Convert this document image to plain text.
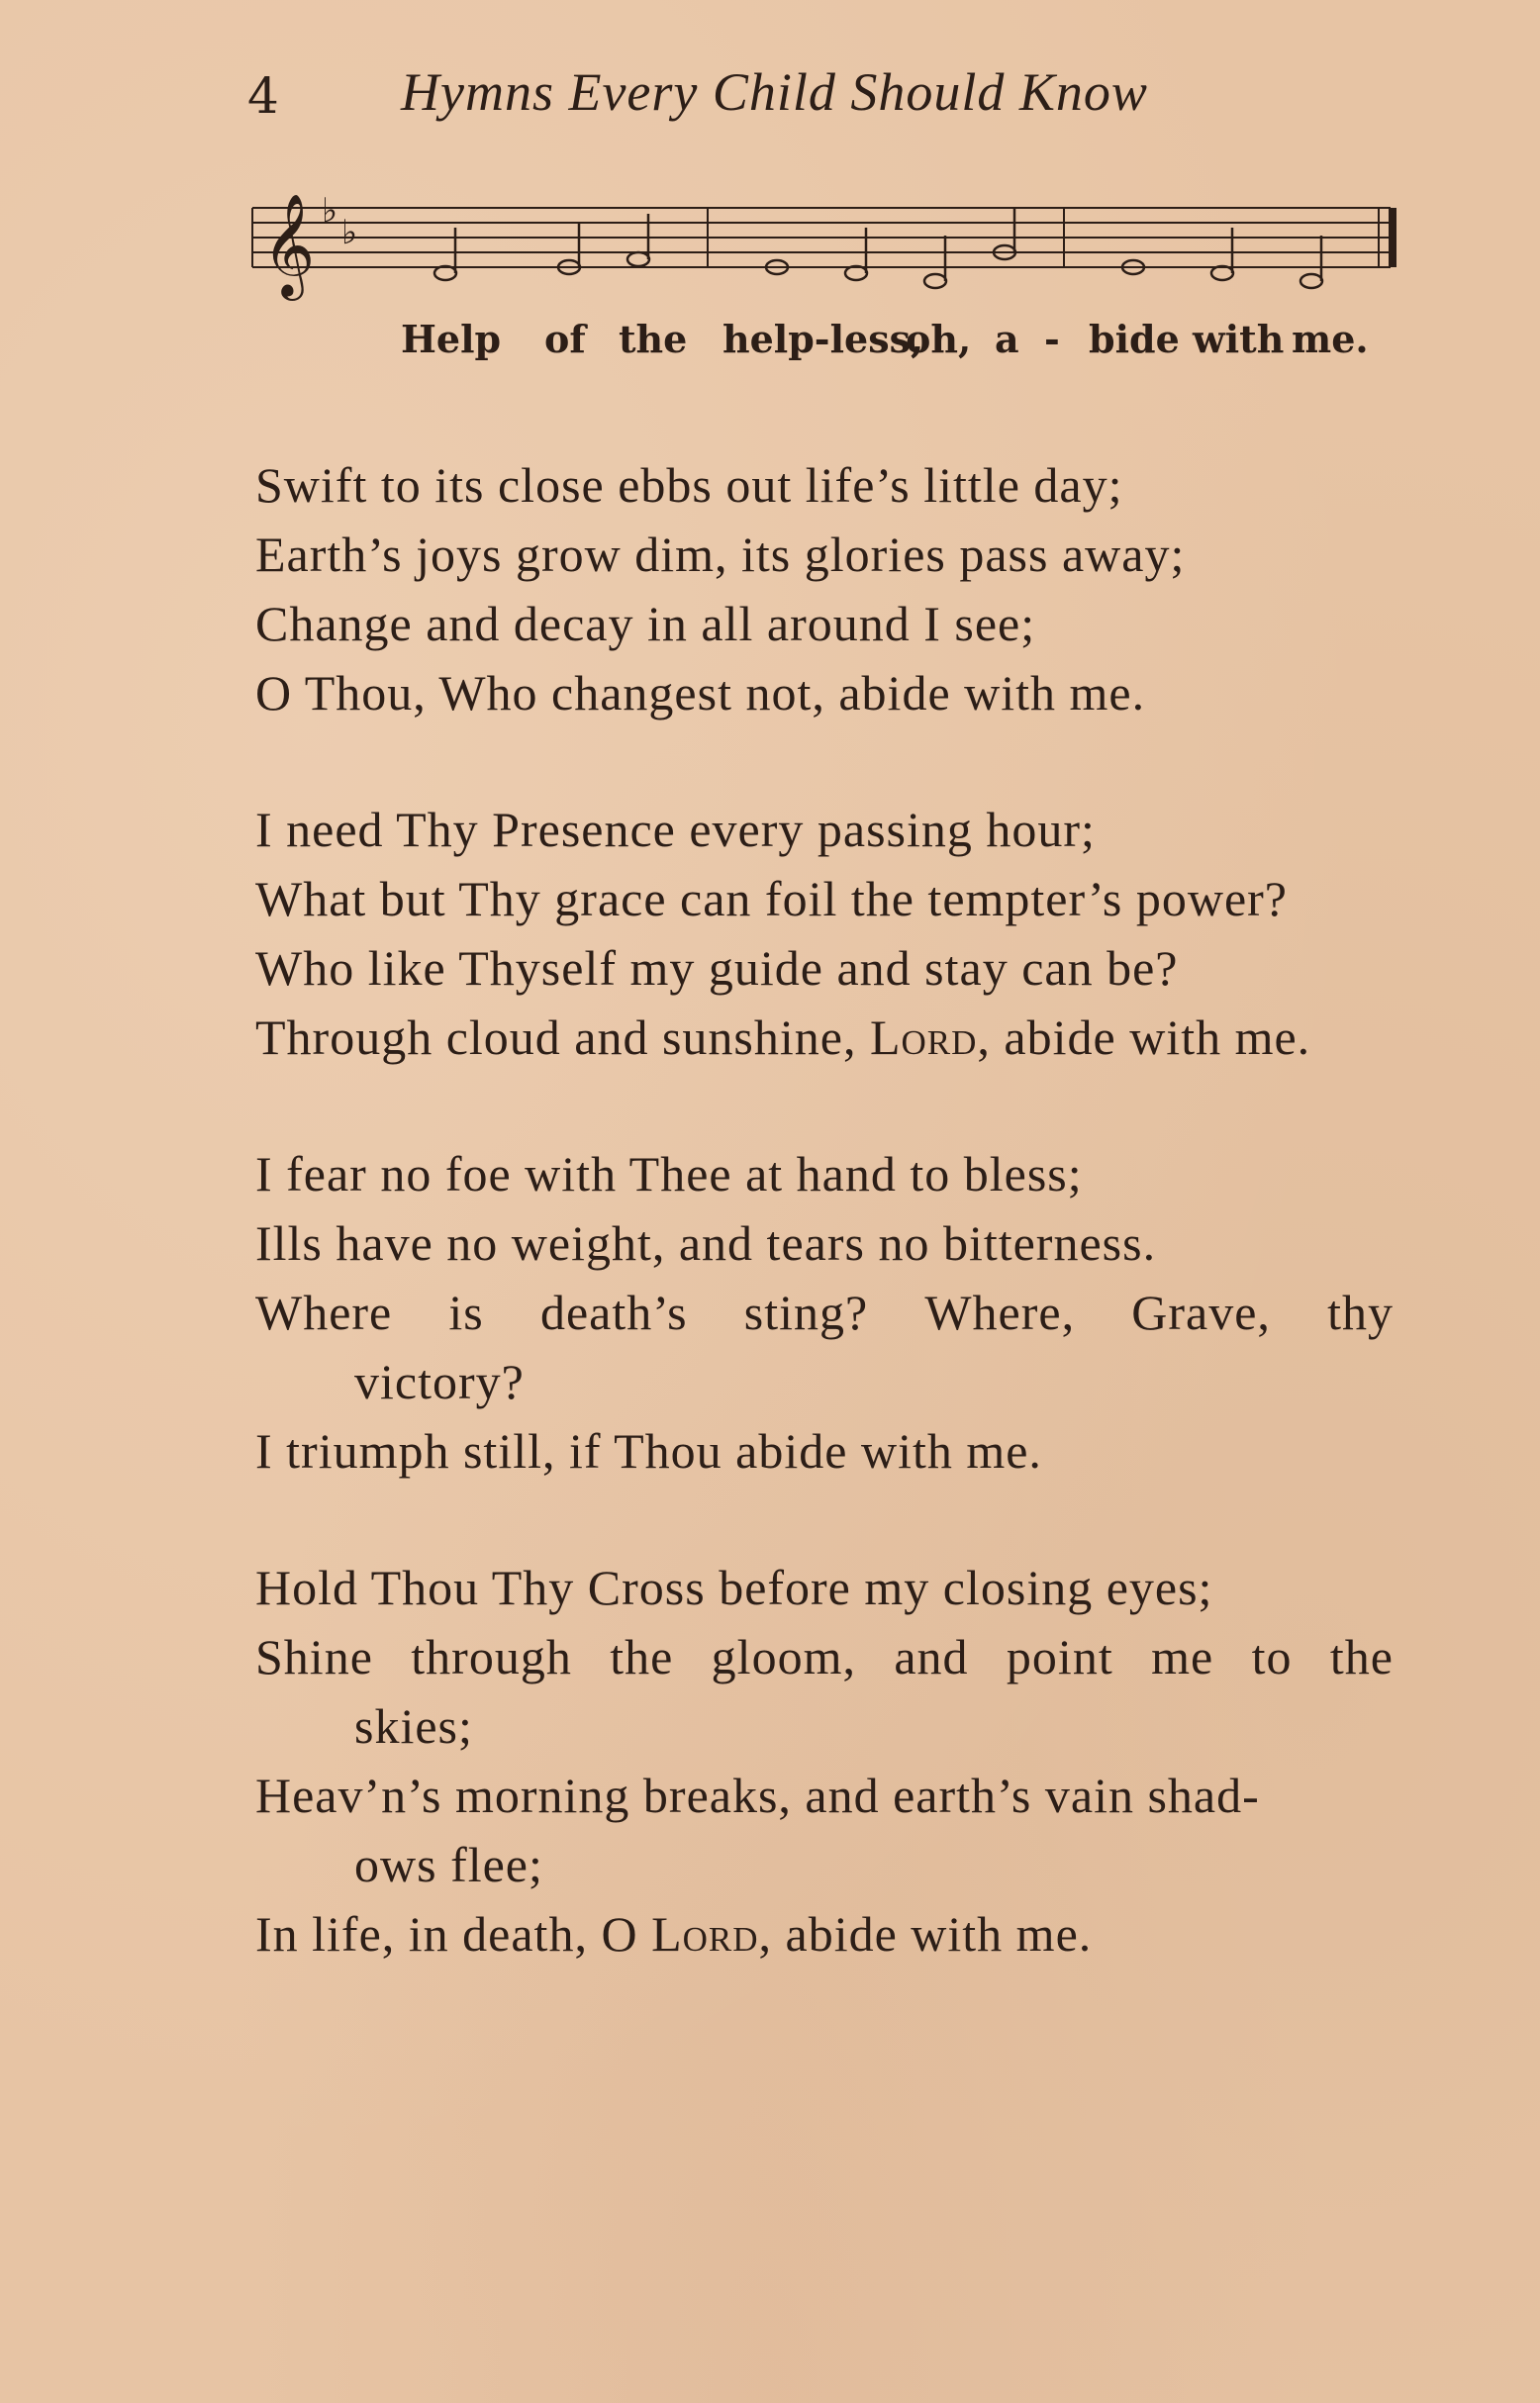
4 Hymns Every Child Should Know
𝄞 ♭
♭
Help of the help-less,
oh, a - bide with me.
Swift to its close ebbs out life’s little day;
Earth’s joys grow dim, its glories pass away;
Change and decay in all around I see;
O Thou, Who changest not, abide with me.
I need Thy Presence every passing hour;
What but Thy grace can foil the tempter’s power?
Who like Thyself my guide and stay can be?
Through cloud and sunshine, Lord, abide with me.
I fear no foe with Thee at hand to bless;
Ills have no weight, and tears no bitterness.
Where is death’s sting? Where, Grave, thy
victory?
I triumph still, if Thou abide with me.
Hold Thou Thy Cross before my closing eyes;
Shine through the gloom, and point me to the
skies;
Heav’n’s morning breaks, and earth’s vain shad-
ows flee;
In life, in death, O Lord, abide with me.
